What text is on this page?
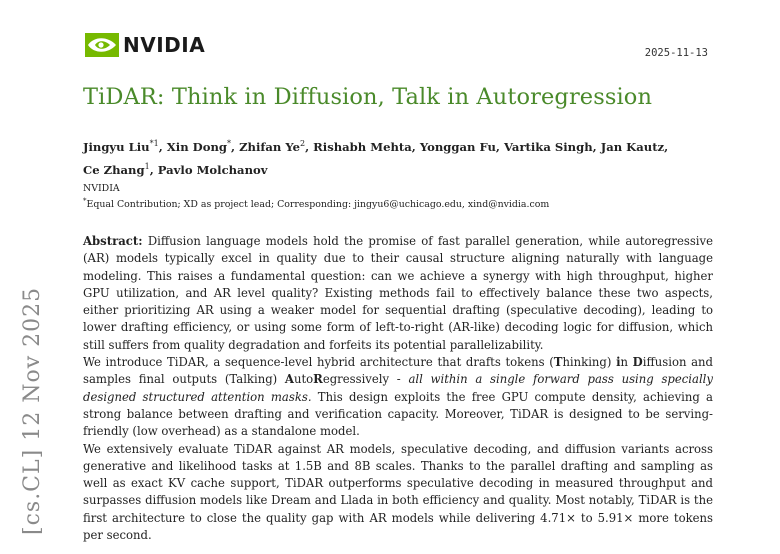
NVIDIA	2025-11-13
TiDAR: Think in Diffusion, Talk in Autoregression
Jingyu Liu$^{*1}$, Xin Dong*, Zhifan Ye$^2$, Rishabh Mehta, Yonggan Fu, Vartika Singh, Jan Kautz,
Ce Zhang$^1$, Pavlo Molchanov
NVIDIA
*Equal Contribution; XD as project lead; Corresponding: jingyu6@uchicago.edu, xind@nvidia.com

Abstract: Diffusion language models hold the promise of fast parallel generation, while autoregressive (AR) models typically excel in quality due to their causal structure aligning naturally with language modeling. This raises a fundamental question: can we achieve a synergy with high throughput, higher GPU utilization, and AR level quality? Existing methods fail to effectively balance these two aspects, either prioritizing AR using a weaker model for sequential drafting (speculative decoding), leading to lower drafting efficiency, or using some form of left-to-right (AR-like) decoding logic for diffusion, which still suffers from quality degradation and forfeits its potential parallelizability.

We introduce TiDAR, a sequence-level hybrid architecture that drafts tokens (Thinking) in Diffusion and samples final outputs (Talking) AutoRegressively - all within a single forward pass using specially designed structured attention masks. This design exploits the free GPU compute density, achieving a strong balance between drafting and verification capacity. Moreover, TiDAR is designed to be serving-friendly (low overhead) as a standalone model.

We extensively evaluate TiDAR against AR models, speculative decoding, and diffusion variants across generative and likelihood tasks at 1.5B and 8B scales. Thanks to the parallel drafting and sampling as well as exact KV cache support, TiDAR outperforms speculative decoding in measured throughput and surpasses diffusion models like Dream and Llada in both efficiency and quality. Most notably, TiDAR is the first architecture to close the quality gap with AR models while delivering 4.71× to 5.91× more tokens per second.

[cs.CL] 12 Nov 2025
